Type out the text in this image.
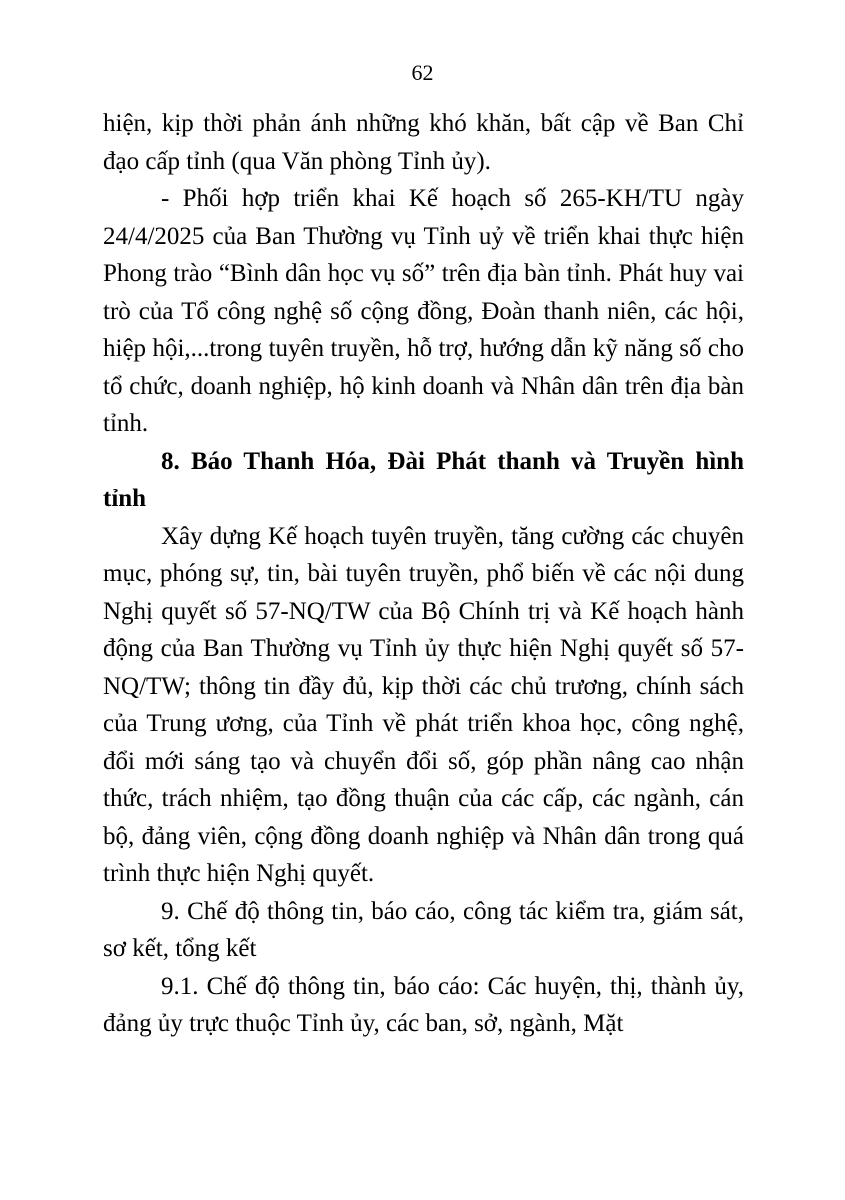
62

hiện, kịp thời phản ánh những khó khăn, bất cập về Ban Chỉ đạo cấp tỉnh (qua Văn phòng Tỉnh ủy).

- Phối hợp triển khai Kế hoạch số 265-KH/TU ngày 24/4/2025 của Ban Thường vụ Tỉnh uỷ về triển khai thực hiện Phong trào “Bình dân học vụ số” trên địa bàn tỉnh. Phát huy vai trò của Tổ công nghệ số cộng đồng, Đoàn thanh niên, các hội, hiệp hội,...trong tuyên truyền, hỗ trợ, hướng dẫn kỹ năng số cho tổ chức, doanh nghiệp, hộ kinh doanh và Nhân dân trên địa bàn tỉnh.

8. Báo Thanh Hóa, Đài Phát thanh và Truyền hình tỉnh

Xây dựng Kế hoạch tuyên truyền, tăng cường các chuyên mục, phóng sự, tin, bài tuyên truyền, phổ biến về các nội dung Nghị quyết số 57-NQ/TW của Bộ Chính trị và Kế hoạch hành động của Ban Thường vụ Tỉnh ủy thực hiện Nghị quyết số 57-NQ/TW; thông tin đầy đủ, kịp thời các chủ trương, chính sách của Trung ương, của Tỉnh về phát triển khoa học, công nghệ, đổi mới sáng tạo và chuyển đổi số, góp phần nâng cao nhận thức, trách nhiệm, tạo đồng thuận của các cấp, các ngành, cán bộ, đảng viên, cộng đồng doanh nghiệp và Nhân dân trong quá trình thực hiện Nghị quyết.

9. Chế độ thông tin, báo cáo, công tác kiểm tra, giám sát, sơ kết, tổng kết

9.1. Chế độ thông tin, báo cáo: Các huyện, thị, thành ủy, đảng ủy trực thuộc Tỉnh ủy, các ban, sở, ngành, Mặt
